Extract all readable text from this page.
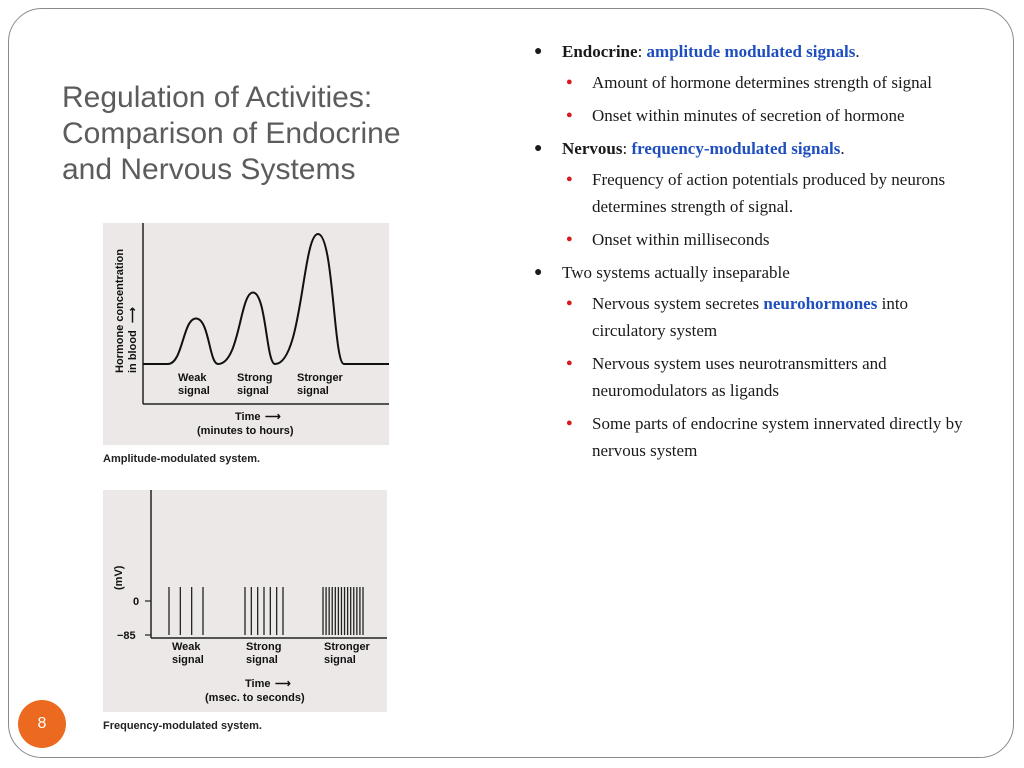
Regulation of Activities:
Comparison of Endocrine
and Nervous Systems
Hormone concentration in blood
⟶
Weak
signal
Strong
signal
Stronger
signal
Time ⟶
(minutes to hours)
Amplitude-modulated system.
(mV)
0
−85
Weak
signal
Strong
signal
Stronger
signal
Time ⟶
(msec. to seconds)
Frequency-modulated system.
● Endocrine: amplitude modulated signals.
● Amount of hormone determines strength of signal
● Onset within minutes of secretion of hormone
● Nervous: frequency-modulated signals.
● Frequency of action potentials produced by neurons determines strength of signal.
● Onset within milliseconds
● Two systems actually inseparable
● Nervous system secretes neurohormones into circulatory system
● Nervous system uses neurotransmitters and neuromodulators as ligands
● Some parts of endocrine system innervated directly by nervous system
8
